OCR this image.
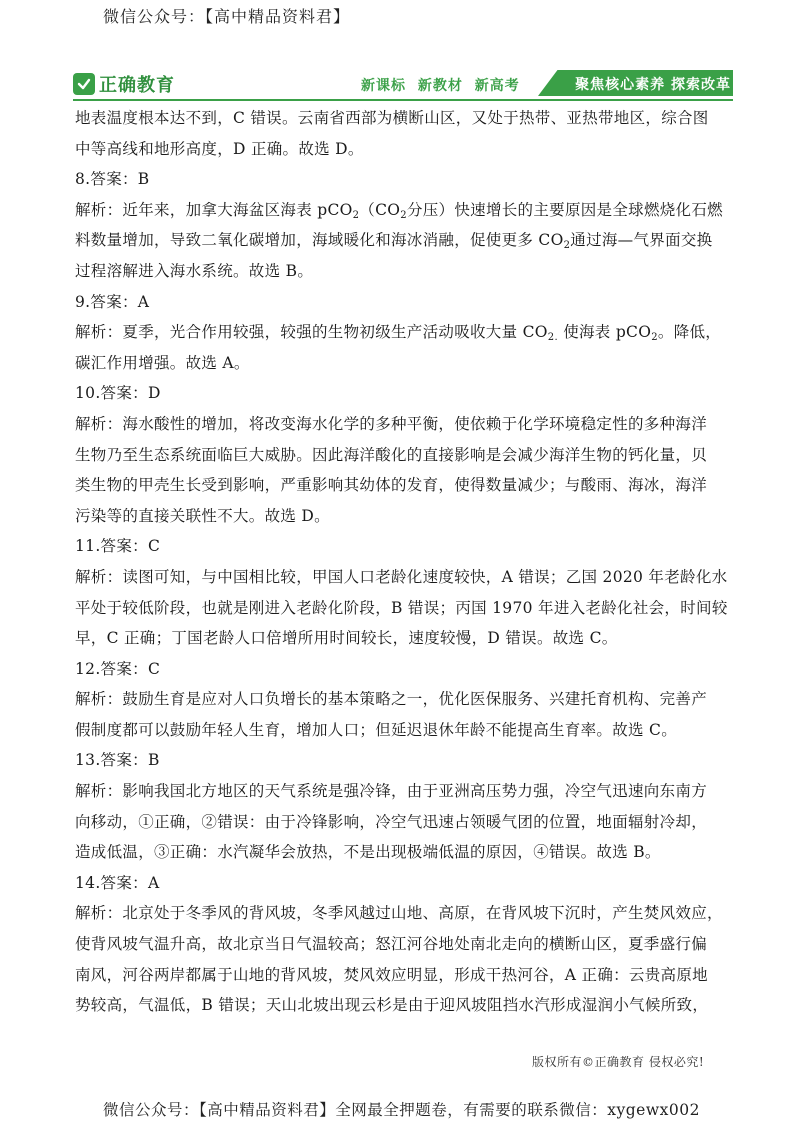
微信公众号：【高中精品资料君】
正确教育	新课标 新教材 新高考	聚焦核心素养 探索改革
地表温度根本达不到，C 错误。云南省西部为横断山区，又处于热带、亚热带地区，综合图
中等高线和地形高度，D 正确。故选 D。
8.答案：B
解析：近年来，加拿大海盆区海表 $pCO_2(CO_2$分压）快速增长的主要原因是全球燃烧化石燃
料数量增加，导致二氧化碳增加，海域暖化和海冰消融，促使更多 $CO_2$通过海—气界面交换
过程溶解进入海水系统。故选 B。
9.答案：A
解析：夏季，光合作用较强，较强的生物初级生产活动吸收大量 $CO_{2.}$ 使海表 pCO$_2$。降低，
碳汇作用增强。故选 A。
10.答案：D
解析：海水酸性的增加，将改变海水化学的多种平衡，使依赖于化学环境稳定性的多种海洋
生物乃至生态系统面临巨大威胁。因此海洋酸化的直接影响是会减少海洋生物的钙化量，贝
类生物的甲壳生长受到影响，严重影响其幼体的发育，使得数量减少；与酸雨、海冰，海洋
污染等的直接关联性不大。故选 D。
11.答案：C
解析：读图可知，与中国相比较，甲国人口老龄化速度较快，A 错误；乙国 2020 年老龄化水
平处于较低阶段，也就是刚进入老龄化阶段，B 错误；丙国 1970 年进入老龄化社会，时间较
早，C 正确；丁国老龄人口倍增所用时间较长，速度较慢，D 错误。故选 C。
12.答案：C
解析：鼓励生育是应对人口负增长的基本策略之一，优化医保服务、兴建托育机构、完善产
假制度都可以鼓励年轻人生育，增加人口；但延迟退休年龄不能提高生育率。故选 C。
13.答案：B
解析：影响我国北方地区的天气系统是强冷锋，由于亚洲高压势力强，冷空气迅速向东南方
向移动，①正确，②错误：由于冷锋影响，冷空气迅速占领暖气团的位置，地面辐射冷却，
造成低温，③正确：水汽凝华会放热，不是出现极端低温的原因，④错误。故选 B。
14.答案：A
解析：北京处于冬季风的背风坡，冬季风越过山地、高原，在背风坡下沉时，产生焚风效应，
使背风坡气温升高，故北京当日气温较高；怒江河谷地处南北走向的横断山区，夏季盛行偏
南风，河谷两岸都属于山地的背风坡，焚风效应明显，形成干热河谷，A 正确：云贵高原地
势较高，气温低，B 错误；天山北坡出现云杉是由于迎风坡阻挡水汽形成湿润小气候所致，
版权所有©正确教育 侵权必究!
微信公众号：【高中精品资料君】全网最全押题卷，有需要的联系微信：xygewx002
